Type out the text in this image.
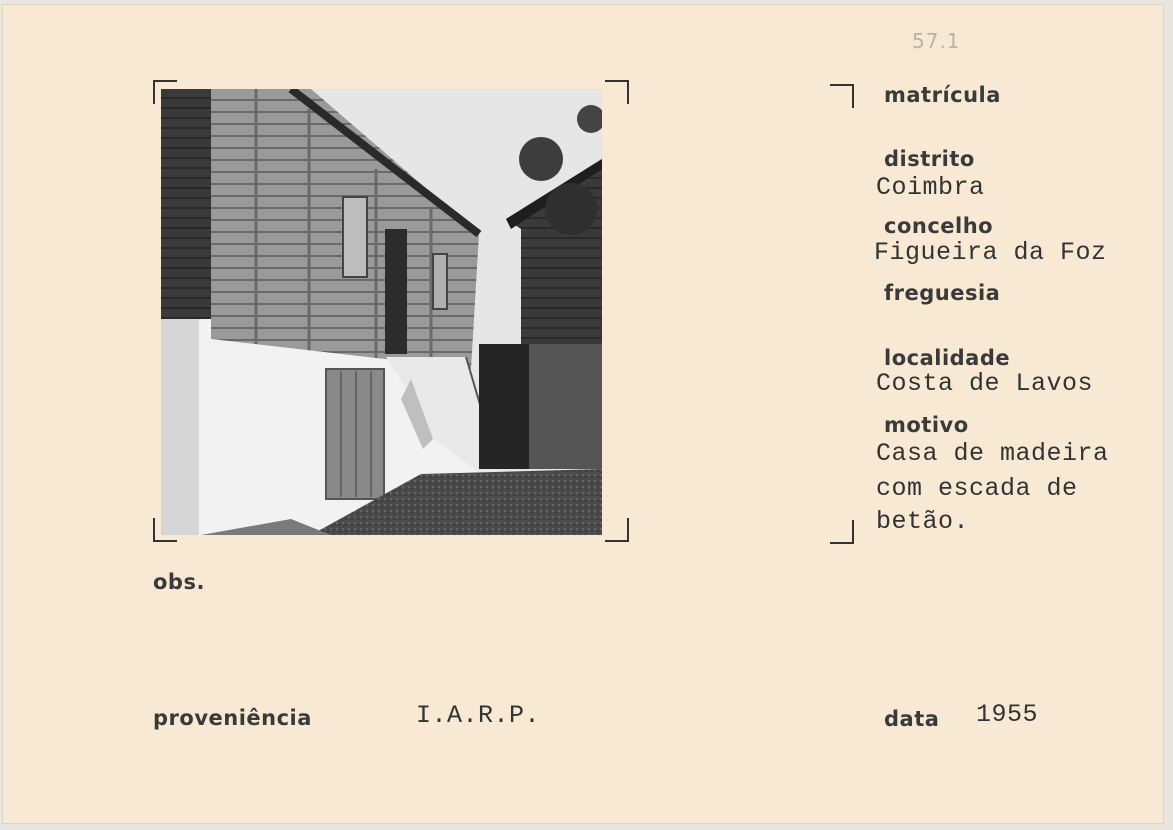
57.1
matrícula
distrito
Coimbra
concelho
Figueira da Foz
freguesia
localidade
Costa de Lavos
motivo
Casa de madeira
com escada de
betão.
obs.
proveniência	I.A.R.P.	data 1955
